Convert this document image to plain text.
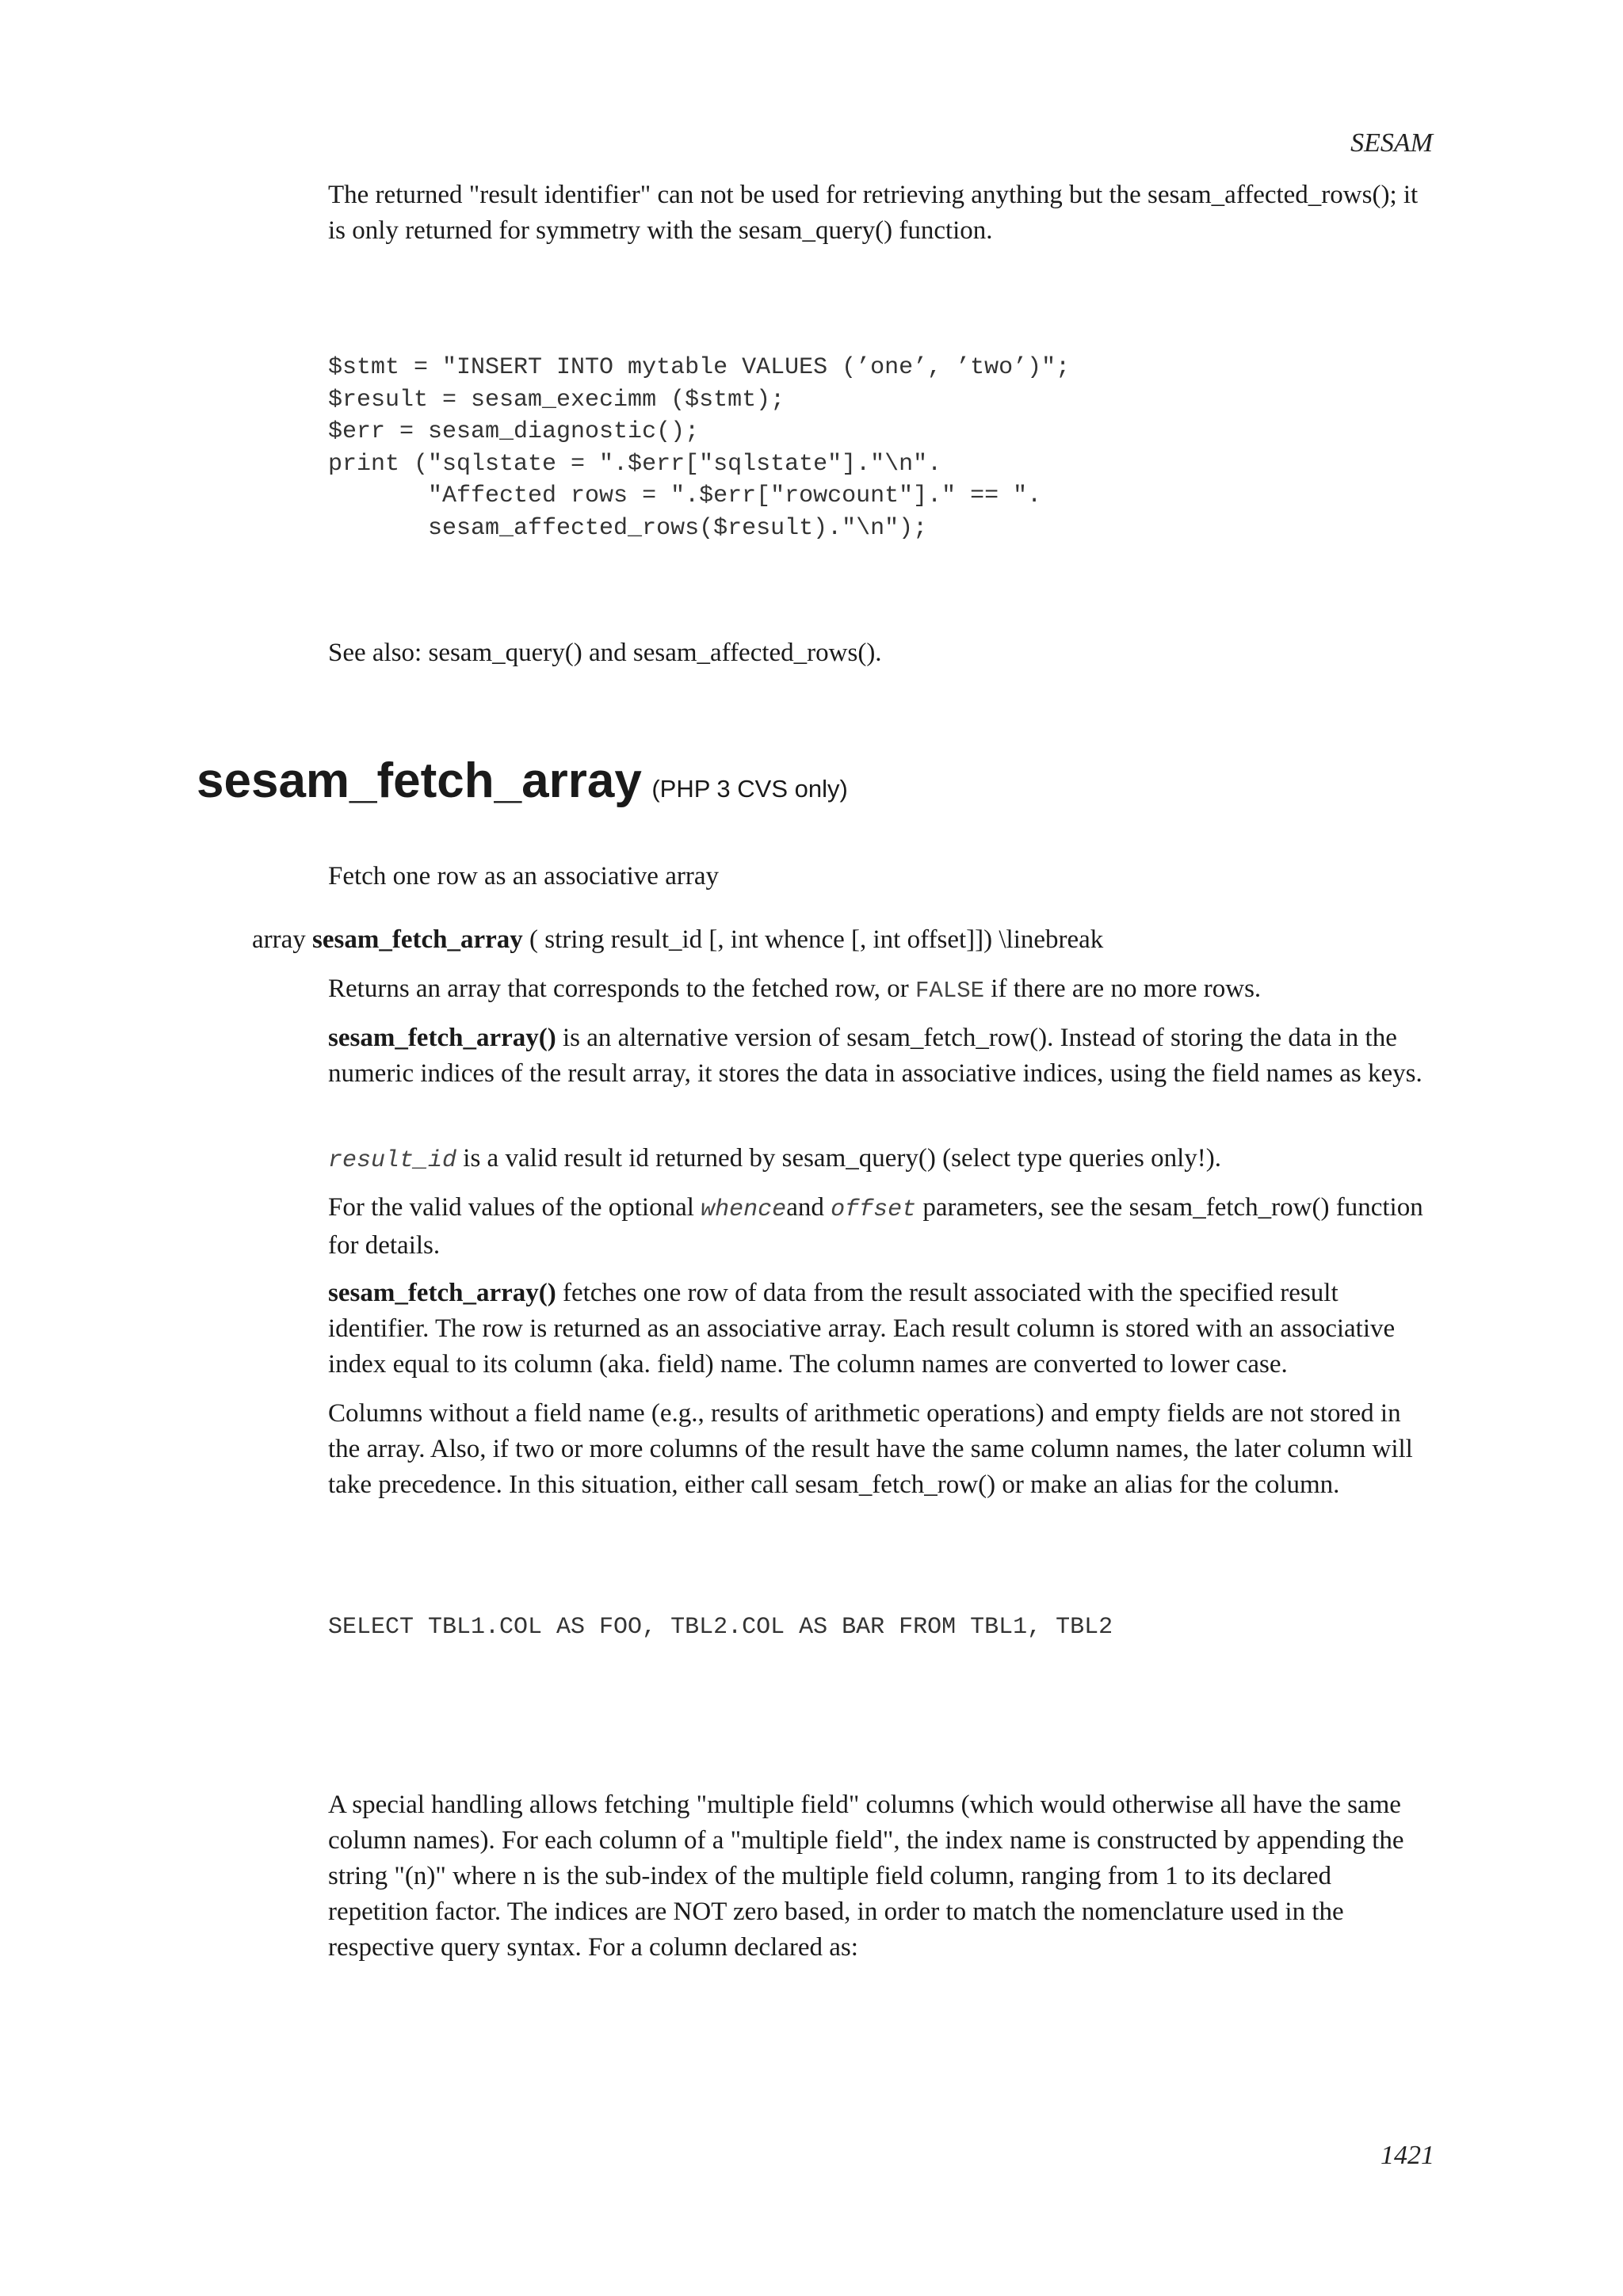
SESAM

The returned "result identifier" can not be used for retrieving anything but the sesam_affected_rows(); it is only returned for symmetry with the sesam_query() function.

$stmt = "INSERT INTO mytable VALUES (’one’, ’two’)";
$result = sesam_execimm ($stmt);
$err = sesam_diagnostic();
print ("sqlstate = ".$err["sqlstate"]."\n".
"Affected rows = ".$err["rowcount"]." == ".
sesam_affected_rows($result)."\n");

See also: sesam_query() and sesam_affected_rows().

sesam_fetch_array (PHP 3 CVS only)

Fetch one row as an associative array

array sesam_fetch_array ( string result_id [, int whence [, int offset]]) \linebreak

Returns an array that corresponds to the fetched row, or FALSE if there are no more rows.

sesam_fetch_array() is an alternative version of sesam_fetch_row(). Instead of storing the data in the numeric indices of the result array, it stores the data in associative indices, using the field names as keys.

result_id is a valid result id returned by sesam_query() (select type queries only!).

For the valid values of the optional whenceand offset parameters, see the sesam_fetch_row() function for details.

sesam_fetch_array() fetches one row of data from the result associated with the specified result identifier. The row is returned as an associative array. Each result column is stored with an associative index equal to its column (aka. field) name. The column names are converted to lower case.

Columns without a field name (e.g., results of arithmetic operations) and empty fields are not stored in the array. Also, if two or more columns of the result have the same column names, the later column will take precedence. In this situation, either call sesam_fetch_row() or make an alias for the column.

SELECT TBL1.COL AS FOO, TBL2.COL AS BAR FROM TBL1, TBL2

A special handling allows fetching "multiple field" columns (which would otherwise all have the same column names). For each column of a "multiple field", the index name is constructed by appending the string "(n)" where n is the sub-index of the multiple field column, ranging from 1 to its declared repetition factor. The indices are NOT zero based, in order to match the nomenclature used in the respective query syntax. For a column declared as:

1421
